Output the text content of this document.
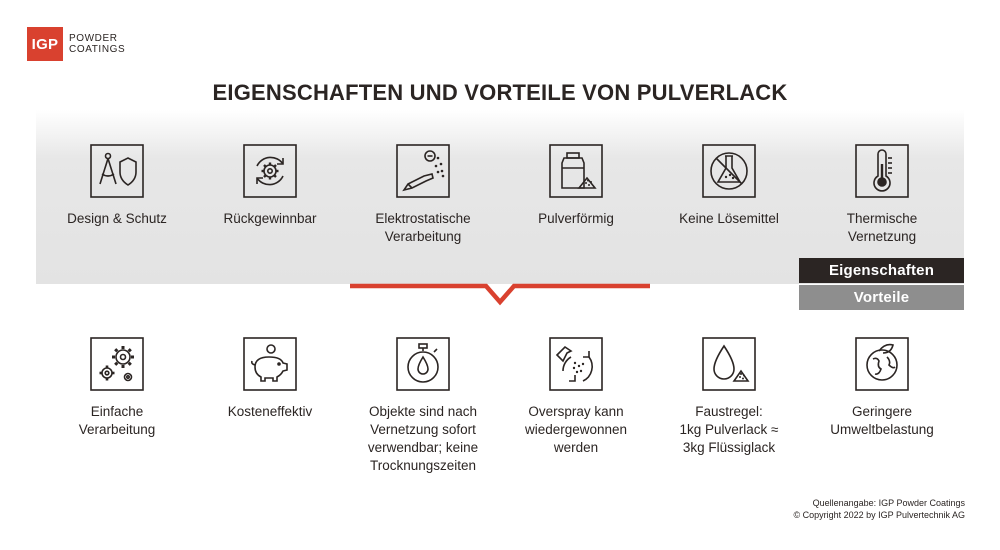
IGP	POWDER
COATINGS
EIGENSCHAFTEN UND VORTEILE VON PULVERLACK
Design & Schutz	Rückgewinnbar	Elektrostatische
Verarbeitung
Pulverförmig	Keine Lösemittel	Thermische
Vernetzung
Eigenschaften
Vorteile
Einfache
Verarbeitung
Kosteneffektiv	Objekte sind nach
Vernetzung sofort
verwendbar; keine
Trocknungszeiten
Overspray kann
wiedergewonnen
werden
Faustregel:
1kg Pulverlack ≈
3kg Flüssiglack
Geringere
Umweltbelastung
Quellenangabe: IGP Powder Coatings
© Copyright 2022 by IGP Pulvertechnik AG
